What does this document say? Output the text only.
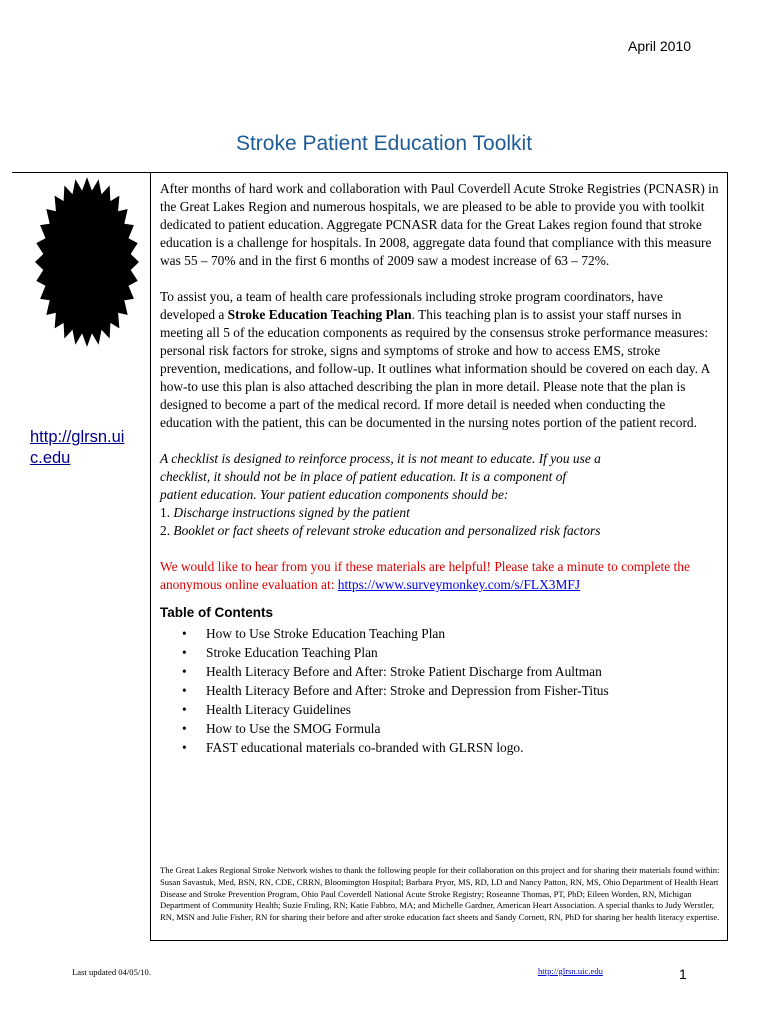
April 2010
Stroke Patient Education Toolkit
http://glrsn.uic.edu

After months of hard work and collaboration with Paul Coverdell Acute Stroke Registries (PCNASR) in the Great Lakes Region and numerous hospitals, we are pleased to be able to provide you with toolkit dedicated to patient education. Aggregate PCNASR data for the Great Lakes region found that stroke education is a challenge for hospitals. In 2008, aggregate data found that compliance with this measure was 55 – 70% and in the first 6 months of 2009 saw a modest increase of 63 – 72%.

To assist you, a team of health care professionals including stroke program coordinators, have developed a Stroke Education Teaching Plan. This teaching plan is to assist your staff nurses in meeting all 5 of the education components as required by the consensus stroke performance measures: personal risk factors for stroke, signs and symptoms of stroke and how to access EMS, stroke prevention, medications, and follow-up. It outlines what information should be covered on each day. A how-to use this plan is also attached describing the plan in more detail. Please note that the plan is designed to become a part of the medical record. If more detail is needed when conducting the education with the patient, this can be documented in the nursing notes portion of the patient record.

A checklist is designed to reinforce process, it is not meant to educate. If you use a
checklist, it should not be in place of patient education. It is a component of
patient education. Your patient education components should be:
1. Discharge instructions signed by the patient
2. Booklet or fact sheets of relevant stroke education and personalized risk factors

We would like to hear from you if these materials are helpful! Please take a minute to complete the anonymous online evaluation at: https://www.surveymonkey.com/s/FLX3MFJ

Table of Contents

• How to Use Stroke Education Teaching Plan
• Stroke Education Teaching Plan
• Health Literacy Before and After: Stroke Patient Discharge from Aultman
• Health Literacy Before and After: Stroke and Depression from Fisher-Titus
• Health Literacy Guidelines
• How to Use the SMOG Formula
• FAST educational materials co-branded with GLRSN logo.
The Great Lakes Regional Stroke Network wishes to thank the following people for their collaboration on this project and for sharing their materials found within: Susan Savastuk, Med, BSN, RN, CDE, CRRN, Bloomington Hospital; Barbara Pryor, MS, RD, LD and Nancy Patton, RN, MS, Ohio Department of Health Heart Disease and Stroke Prevention Program, Ohio Paul Coverdell National Acute Stroke Registry; Roseanne Thomas, PT, PhD; Eileen Worden, RN, Michigan Department of Community Health; Suzie Fruling, RN; Katie Fabbro, MA; and Michelle Gardner, American Heart Association. A special thanks to Judy Werstler, RN, MSN and Julie Fisher, RN for sharing their before and after stroke education fact sheets and Sandy Cornett, RN, PhD for sharing her health literacy expertise.
Last updated 04/05/10.	http://glrsn.uic.edu	1
